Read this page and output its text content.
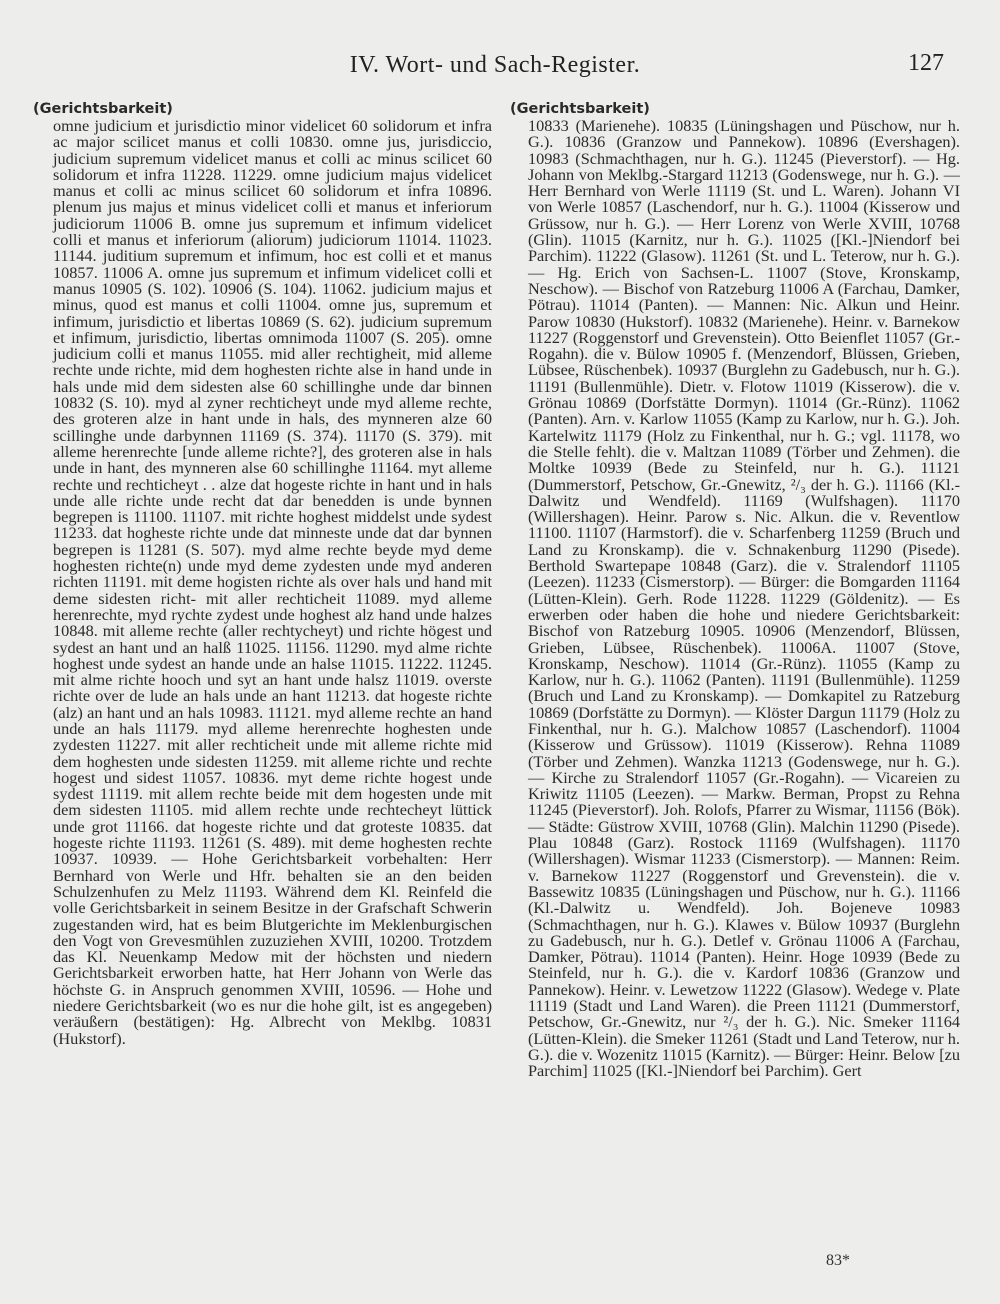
IV. Wort- und Sach-Register.	127
(Gerichtsbarkeit)

omne judicium et jurisdictio minor videlicet 60 solidorum et infra ac major scilicet manus et colli 10830. omne jus, jurisdiccio, judicium supremum videlicet manus et colli ac minus scilicet 60 solidorum et infra 11228. 11229. omne judicium majus videlicet manus et colli ac minus scilicet 60 solidorum et infra 10896. plenum jus majus et minus videlicet colli et manus et inferiorum judiciorum 11006 B. omne jus supremum et infimum videlicet colli et manus et inferiorum (aliorum) judiciorum 11014. 11023. 11144. juditium supremum et infimum, hoc est colli et et manus 10857. 11006 A. omne jus supremum et infimum videlicet colli et manus 10905 (S. 102). 10906 (S. 104). 11062. judicium majus et minus, quod est manus et colli 11004. omne jus, supremum et infimum, jurisdictio et libertas 10869 (S. 62). judicium supremum et infimum, jurisdictio, libertas omnimoda 11007 (S. 205). omne judicium colli et manus 11055. mid aller rechtigheit, mid alleme rechte unde richte, mid dem hoghesten richte alse in hand unde in hals unde mid dem sidesten alse 60 schillinghe unde dar binnen 10832 (S. 10). myd al zyner rechticheyt unde myd alleme rechte, des groteren alze in hant unde in hals, des mynneren alze 60 scillinghe unde darbynnen 11169 (S. 374). 11170 (S. 379). mit alleme herenrechte [unde alleme richte?], des groteren alse in hals unde in hant, des mynneren alse 60 schillinghe 11164. myt alleme rechte und rechticheyt . . alze dat hogeste richte in hant und in hals unde alle richte unde recht dat dar benedden is unde bynnen begrepen is 11100. 11107. mit richte hoghest middelst unde sydest 11233. dat hogheste richte unde dat minneste unde dat dar bynnen begrepen is 11281 (S. 507). myd alme rechte beyde myd deme hoghesten richte(n) unde myd deme zydesten unde myd anderen richten 11191. mit deme hogisten richte als over hals und hand mit deme sidesten richt- mit aller rechticheit 11089. myd alleme herenrechte, myd rychte zydest unde hoghest alz hand unde halzes 10848. mit alleme rechte (aller rechtycheyt) und richte högest und sydest an hant und an halß 11025. 11156. 11290. myd alme richte hoghest unde sydest an hande unde an halse 11015. 11222. 11245. mit alme richte hooch und syt an hant unde halsz 11019. overste richte over de lude an hals unde an hant 11213. dat hogeste richte (alz) an hant und an hals 10983. 11121. myd alleme rechte an hand unde an hals 11179. myd alleme herenrechte hoghesten unde zydesten 11227. mit aller rechticheit unde mit alleme richte mid dem hoghesten unde sidesten 11259. mit alleme richte und rechte hogest und sidest 11057. 10836. myt deme richte hogest unde sydest 11119. mit allem rechte beide mit dem hogesten unde mit dem sidesten 11105. mid allem rechte unde rechtecheyt lüttick unde grot 11166. dat hogeste richte und dat groteste 10835. dat hogeste richte 11193. 11261 (S. 489). mit deme hoghesten rechte 10937. 10939. — Hohe Gerichtsbarkeit vorbehalten: Herr Bernhard von Werle und Hfr. behalten sie an den beiden Schulzenhufen zu Melz 11193. Während dem Kl. Reinfeld die volle Gerichtsbarkeit in seinem Besitze in der Grafschaft Schwerin zugestanden wird, hat es beim Blutgerichte im Meklenburgischen den Vogt von Grevesmühlen zuzuziehen XVIII, 10200. Trotzdem das Kl. Neuenkamp Medow mit der höchsten und niedern Gerichtsbarkeit erworben hatte, hat Herr Johann von Werle das höchste G. in Anspruch genommen XVIII, 10596. — Hohe und niedere Gerichtsbarkeit (wo es nur die hohe gilt, ist es angegeben) veräußern (bestätigen): Hg. Albrecht von Meklbg. 10831 (Hukstorf).

(Gerichtsbarkeit)

10833 (Marienehe). 10835 (Lüningshagen und Püschow, nur h. G.). 10836 (Granzow und Pannekow). 10896 (Evershagen). 10983 (Schmachthagen, nur h. G.). 11245 (Pieverstorf). — Hg. Johann von Meklbg.-Stargard 11213 (Godenswege, nur h. G.). — Herr Bernhard von Werle 11119 (St. und L. Waren). Johann VI von Werle 10857 (Laschendorf, nur h. G.). 11004 (Kisserow und Grüssow, nur h. G.). — Herr Lorenz von Werle XVIII, 10768 (Glin). 11015 (Karnitz, nur h. G.). 11025 ([Kl.-]Niendorf bei Parchim). 11222 (Glasow). 11261 (St. und L. Teterow, nur h. G.). — Hg. Erich von Sachsen-L. 11007 (Stove, Kronskamp, Neschow). — Bischof von Ratzeburg 11006 A (Farchau, Damker, Pötrau). 11014 (Panten). — Mannen: Nic. Alkun und Heinr. Parow 10830 (Hukstorf). 10832 (Marienehe). Heinr. v. Barnekow 11227 (Roggenstorf und Grevenstein). Otto Beienflet 11057 (Gr.-Rogahn). die v. Bülow 10905 f. (Menzendorf, Blüssen, Grieben, Lübsee, Rüschenbek). 10937 (Burglehn zu Gadebusch, nur h. G.). 11191 (Bullenmühle). Dietr. v. Flotow 11019 (Kisserow). die v. Grönau 10869 (Dorfstätte Dormyn). 11014 (Gr.-Rünz). 11062 (Panten). Arn. v. Karlow 11055 (Kamp zu Karlow, nur h. G.). Joh. Kartelwitz 11179 (Holz zu Finkenthal, nur h. G.; vgl. 11178, wo die Stelle fehlt). die v. Maltzan 11089 (Törber und Zehmen). die Moltke 10939 (Bede zu Steinfeld, nur h. G.). 11121 (Dummerstorf, Petschow, Gr.-Gnewitz, ²/₃ der h. G.). 11166 (Kl.-Dalwitz und Wendfeld). 11169 (Wulfshagen). 11170 (Willershagen). Heinr. Parow s. Nic. Alkun. die v. Reventlow 11100. 11107 (Harmstorf). die v. Scharfenberg 11259 (Bruch und Land zu Kronskamp). die v. Schnakenburg 11290 (Pisede). Berthold Swartepape 10848 (Garz). die v. Stralendorf 11105 (Leezen). 11233 (Cismerstorp). — Bürger: die Bomgarden 11164 (Lütten-Klein). Gerh. Rode 11228. 11229 (Göldenitz). — Es erwerben oder haben die hohe und niedere Gerichtsbarkeit: Bischof von Ratzeburg 10905. 10906 (Menzendorf, Blüssen, Grieben, Lübsee, Rüschenbek). 11006A. 11007 (Stove, Kronskamp, Neschow). 11014 (Gr.-Rünz). 11055 (Kamp zu Karlow, nur h. G.). 11062 (Panten). 11191 (Bullenmühle). 11259 (Bruch und Land zu Kronskamp). — Domkapitel zu Ratzeburg 10869 (Dorfstätte zu Dormyn). — Klöster Dargun 11179 (Holz zu Finkenthal, nur h. G.). Malchow 10857 (Laschendorf). 11004 (Kisserow und Grüssow). 11019 (Kisserow). Rehna 11089 (Törber und Zehmen). Wanzka 11213 (Godenswege, nur h. G.). — Kirche zu Stralendorf 11057 (Gr.-Rogahn). — Vicareien zu Kriwitz 11105 (Leezen). — Markw. Berman, Propst zu Rehna 11245 (Pieverstorf). Joh. Rolofs, Pfarrer zu Wismar, 11156 (Bök). — Städte: Güstrow XVIII, 10768 (Glin). Malchin 11290 (Pisede). Plau 10848 (Garz). Rostock 11169 (Wulfshagen). 11170 (Willershagen). Wismar 11233 (Cismerstorp). — Mannen: Reim. v. Barnekow 11227 (Roggenstorf und Grevenstein). die v. Bassewitz 10835 (Lüningshagen und Püschow, nur h. G.). 11166 (Kl.-Dalwitz u. Wendfeld). Joh. Bojeneve 10983 (Schmachthagen, nur h. G.). Klawes v. Bülow 10937 (Burglehn zu Gadebusch, nur h. G.). Detlef v. Grönau 11006 A (Farchau, Damker, Pötrau). 11014 (Panten). Heinr. Hoge 10939 (Bede zu Steinfeld, nur h. G.). die v. Kardorf 10836 (Granzow und Pannekow). Heinr. v. Lewetzow 11222 (Glasow). Wedege v. Plate 11119 (Stadt und Land Waren). die Preen 11121 (Dummerstorf, Petschow, Gr.-Gnewitz, nur ²/₃ der h. G.). Nic. Smeker 11164 (Lütten-Klein). die Smeker 11261 (Stadt und Land Teterow, nur h. G.). die v. Wozenitz 11015 (Karnitz). — Bürger: Heinr. Below [zu Parchim] 11025 ([Kl.-]Niendorf bei Parchim). Gert

83*
